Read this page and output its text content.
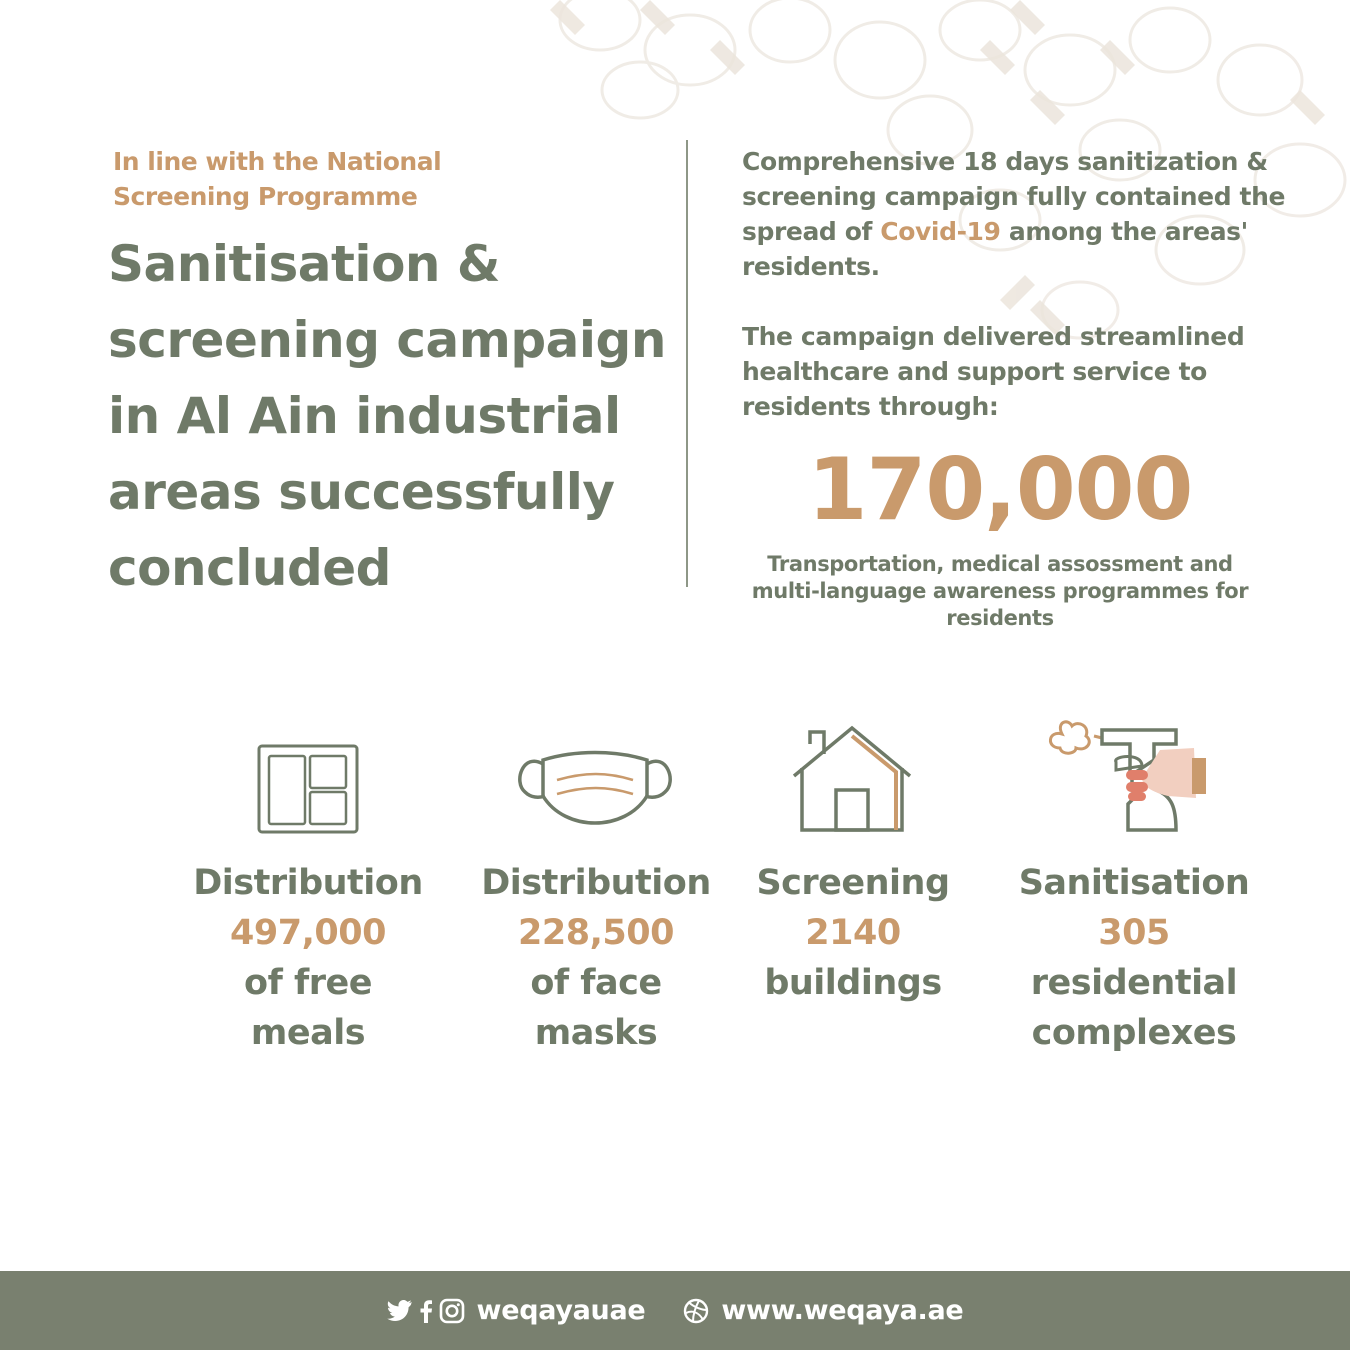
In line with the National Screening Programme
Sanitisation & screening campaign in Al Ain industrial areas successfully concluded

Comprehensive 18 days sanitization & screening campaign fully contained the spread of Covid-19 among the areas' residents.

The campaign delivered streamlined healthcare and support service to residents through:

170,000
Transportation, medical assossment and multi-language awareness programmes for residents
Distribution
497,000
of free
meals
Distribution
228,500
of face
masks
Screening
2140
buildings
Sanitisation
305
residential
complexes
weqayauae	www.weqaya.ae
